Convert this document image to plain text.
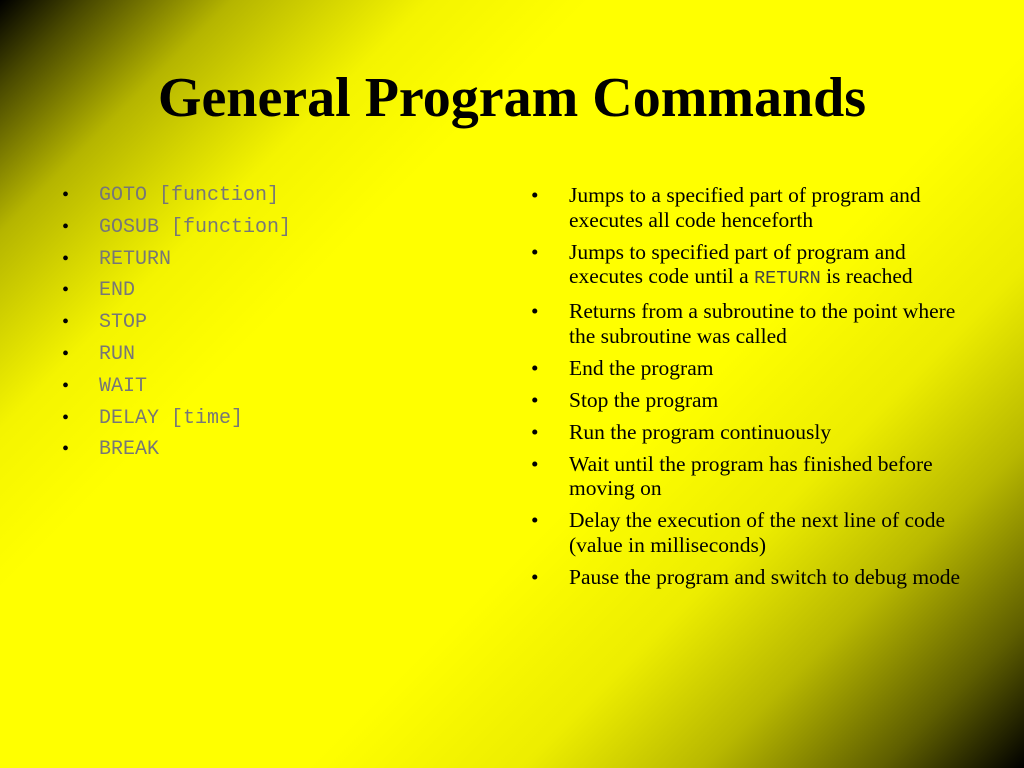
General Program Commands
• GOTO [function]
• GOSUB [function]
• RETURN
• END
• STOP
• RUN
• WAIT
• DELAY [time]
• BREAK
• Jumps to a specified part of program and executes all code henceforth
• Jumps to specified part of program and executes code until a RETURN is reached
• Returns from a subroutine to the point where the subroutine was called
• End the program
• Stop the program
• Run the program continuously
• Wait until the program has finished before moving on
• Delay the execution of the next line of code (value in milliseconds)
• Pause the program and switch to debug mode
